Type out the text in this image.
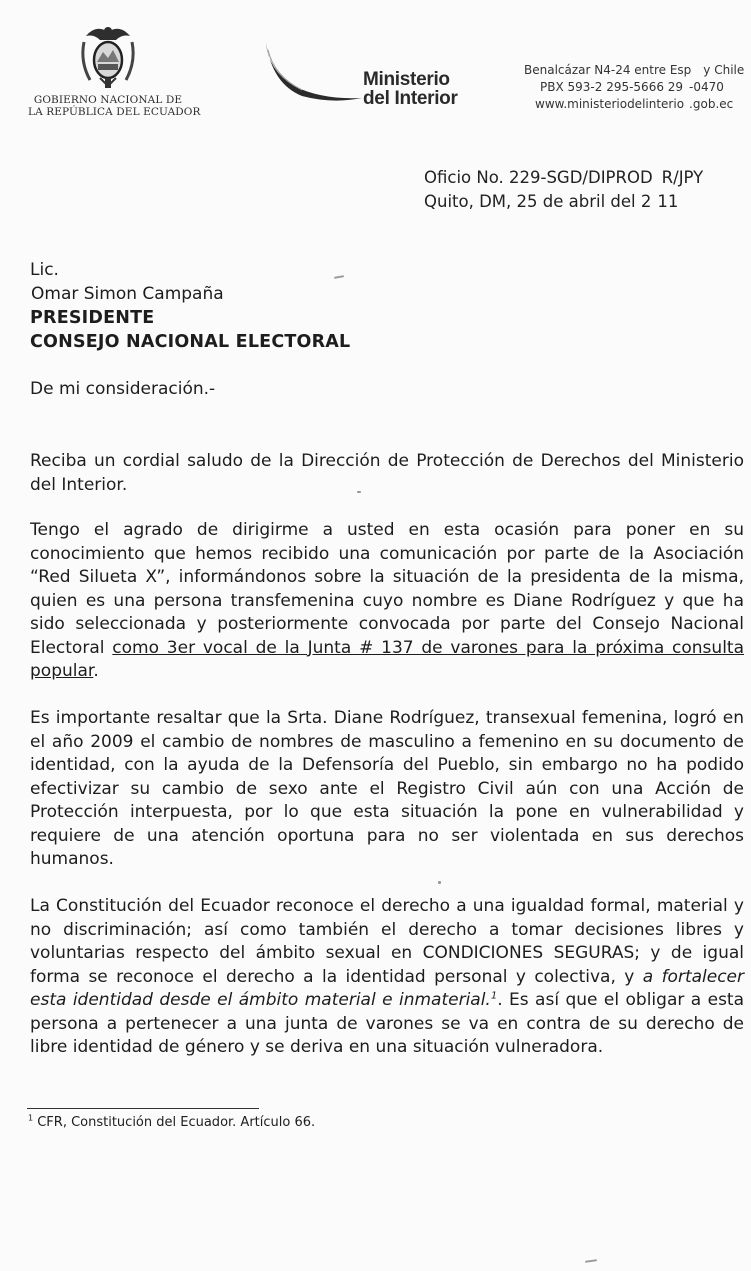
GOBIERNO NACIONAL DE
LA REPÚBLICA DEL ECUADOR
Ministerio
del Interior
Benalcázar N4-24 entre Esp y Chile
PBX 593-2 295-5666 29 -0470
www.ministeriodelinterio .gob.ec
Oficio No. 229-SGD/DIPROD R/JPY
Quito, DM, 25 de abril del 2 11
Lic.
Omar Simon Campaña
PRESIDENTE
CONSEJO NACIONAL ELECTORAL
De mi consideración.-
Reciba un cordial saludo de la Dirección de Protección de Derechos del Ministerio del Interior.
Tengo el agrado de dirigirme a usted en esta ocasión para poner en su conocimiento que hemos recibido una comunicación por parte de la Asociación “Red Silueta X”, informándonos sobre la situación de la presidenta de la misma, quien es una persona transfemenina cuyo nombre es Diane Rodríguez y que ha sido seleccionada y posteriormente convocada por parte del Consejo Nacional Electoral como 3er vocal de la Junta # 137 de varones para la próxima consulta popular.
Es importante resaltar que la Srta. Diane Rodríguez, transexual femenina, logró en el año 2009 el cambio de nombres de masculino a femenino en su documento de identidad, con la ayuda de la Defensoría del Pueblo, sin embargo no ha podido efectivizar su cambio de sexo ante el Registro Civil aún con una Acción de Protección interpuesta, por lo que esta situación la pone en vulnerabilidad y requiere de una atención oportuna para no ser violentada en sus derechos humanos.
La Constitución del Ecuador reconoce el derecho a una igualdad formal, material y no discriminación; así como también el derecho a tomar decisiones libres y voluntarias respecto del ámbito sexual en CONDICIONES SEGURAS; y de igual forma se reconoce el derecho a la identidad personal y colectiva, y a fortalecer esta identidad desde el ámbito material e inmaterial.$^1$. Es así que el obligar a esta persona a pertenecer a una junta de varones se va en contra de su derecho de libre identidad de género y se deriva en una situación vulneradora.
$^1$ CFR, Constitución del Ecuador. Artículo 66.
